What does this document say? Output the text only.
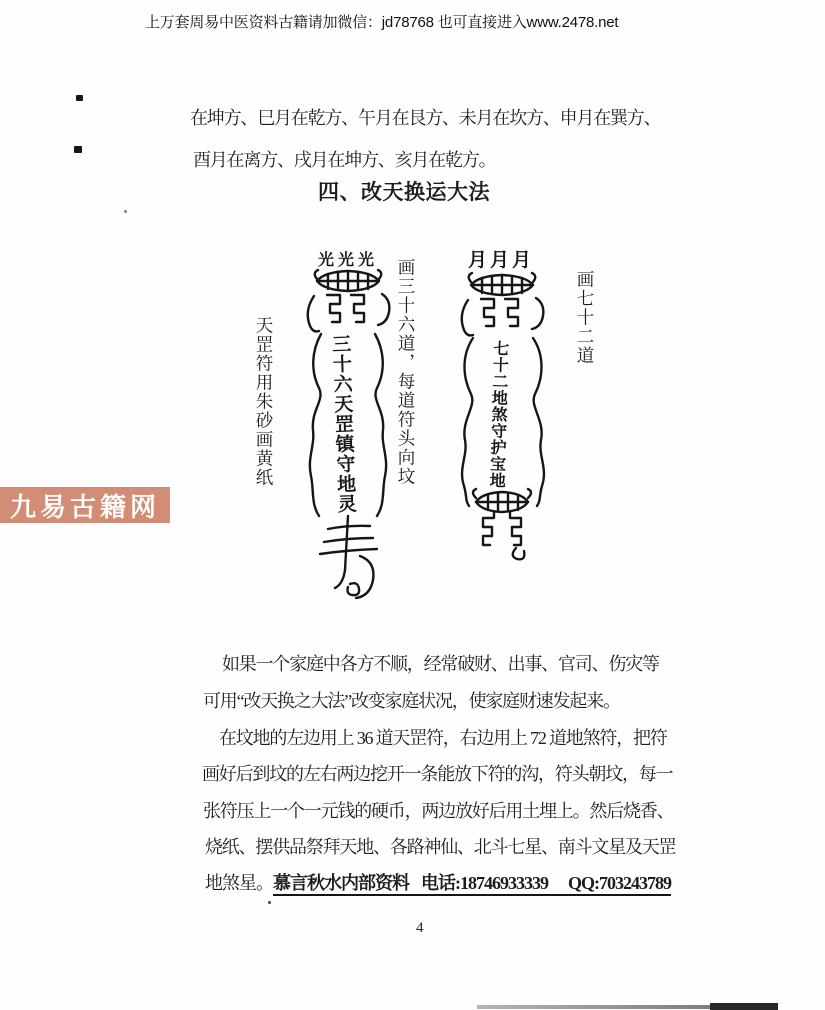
上万套周易中医资料古籍请加微信：jd78768 也可直接进入www.2478.net
在坤方、巳月在乾方、午月在艮方、未月在坎方、申月在巽方、
酉月在离方、戌月在坤方、亥月在乾方。
四、改天换运大法
天罡符用朱砂画黄纸	画三十六道，每道符头向坟	画七十二道
光光光
三十六天罡镇守地灵
月月月
七十二地煞守护宝地
如果一个家庭中各方不顺，经常破财、出事、官司、伤灾等
可用“改天换之大法”改变家庭状况，使家庭财速发起来。
在坟地的左边用上 36 道天罡符，右边用上 72 道地煞符，把符
画好后到坟的左右两边挖开一条能放下符的沟，符头朝坟，每一
张符压上一个一元钱的硬币，两边放好后用土埋上。然后烧香、
烧纸、摆供品祭拜天地、各路神仙、北斗七星、南斗文星及天罡
地煞星。慕言秋水内部资料 电话:18746933339 QQ:703243789
4
九易古籍网
